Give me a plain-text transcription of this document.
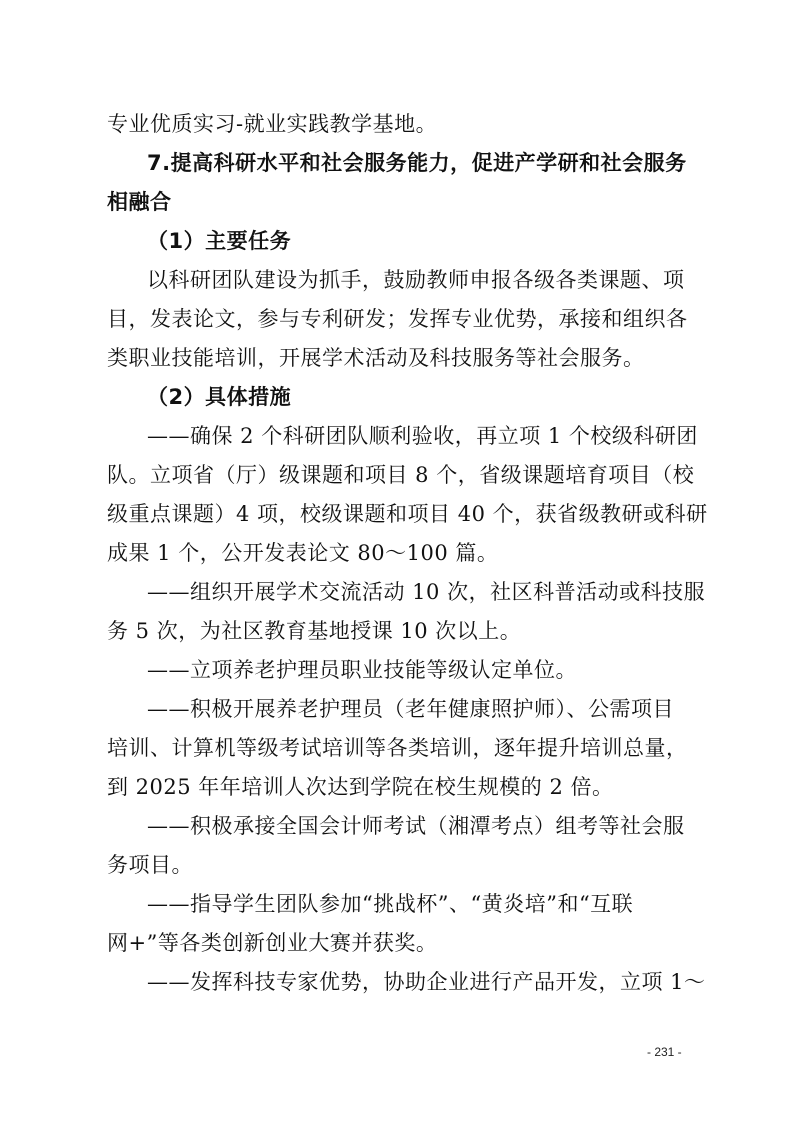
专业优质实习-就业实践教学基地。
7.提高科研水平和社会服务能力，促进产学研和社会服务
相融合
（1）主要任务
以科研团队建设为抓手，鼓励教师申报各级各类课题、项
目，发表论文，参与专利研发；发挥专业优势，承接和组织各
类职业技能培训，开展学术活动及科技服务等社会服务。
（2）具体措施
——确保 2 个科研团队顺利验收，再立项 1 个校级科研团
队。立项省（厅）级课题和项目 8 个，省级课题培育项目（校
级重点课题）4 项，校级课题和项目 40 个，获省级教研或科研
成果 1 个，公开发表论文 80～100 篇。
——组织开展学术交流活动 10 次，社区科普活动或科技服
务 5 次，为社区教育基地授课 10 次以上。
——立项养老护理员职业技能等级认定单位。
——积极开展养老护理员（老年健康照护师）、公需项目
培训、计算机等级考试培训等各类培训，逐年提升培训总量，
到 2025 年年培训人次达到学院在校生规模的 2 倍。
——积极承接全国会计师考试（湘潭考点）组考等社会服
务项目。
——指导学生团队参加“挑战杯”、“黄炎培”和“互联
网+”等各类创新创业大赛并获奖。
——发挥科技专家优势，协助企业进行产品开发，立项 1～
- 231 -
